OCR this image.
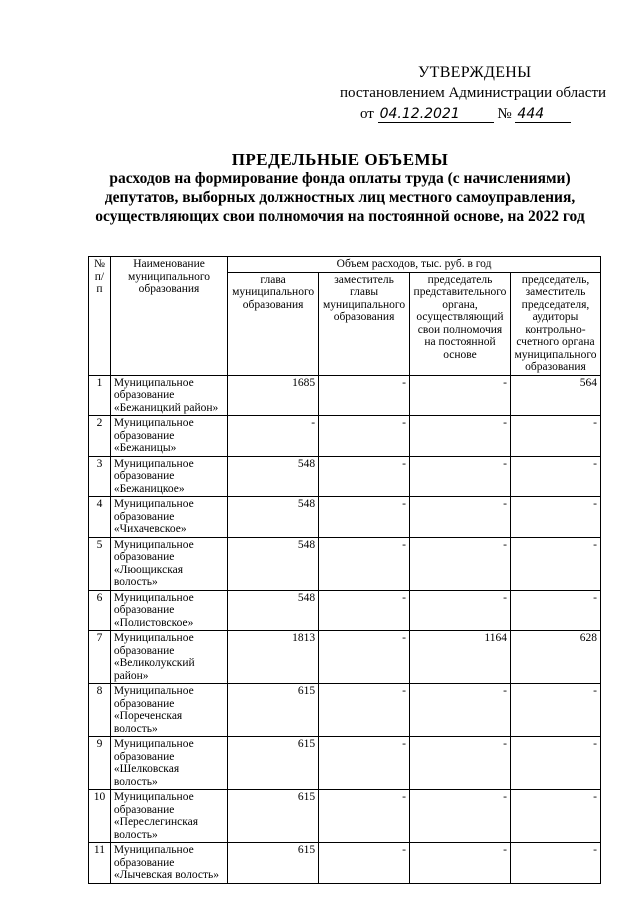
УТВЕРЖДЕНЫ
постановлением Администрации области
от 04.12.2021	№ 444
ПРЕДЕЛЬНЫЕ ОБЪЕМЫ
расходов на формирование фонда оплаты труда (с начислениями)
депутатов, выборных должностных лиц местного самоуправления,
осуществляющих свои полномочия на постоянной основе, на 2022 год
№ п/п	Наименование муниципального образования	Объем расходов, тыс. руб. в год			
		глава муниципального образования	заместитель главы муниципального образования	председатель представительного органа, осуществляющий свои полномочия на постоянной основе	председатель, заместитель председателя, аудиторы контрольно-счетного органа муниципального образования
1	Муниципальное образование «Бежаницкий район»	1685	-	-	564
2	Муниципальное образование «Бежаницы»	-	-	-	-
3	Муниципальное образование «Бежаницкое»	548	-	-	-
4	Муниципальное образование «Чихачевское»	548	-	-	-
5	Муниципальное образование «Люощикская волость»	548	-	-	-
6	Муниципальное образование «Полистовское»	548	-	-	-
7	Муниципальное образование «Великолукский район»	1813	-	1164	628
8	Муниципальное образование «Пореченская волость»	615	-	-	-
9	Муниципальное образование «Шелковская волость»	615	-	-	-
10	Муниципальное образование «Переслегинская волость»	615	-	-	-
11	Муниципальное образование «Лычевская волость»	615	-	-	-
